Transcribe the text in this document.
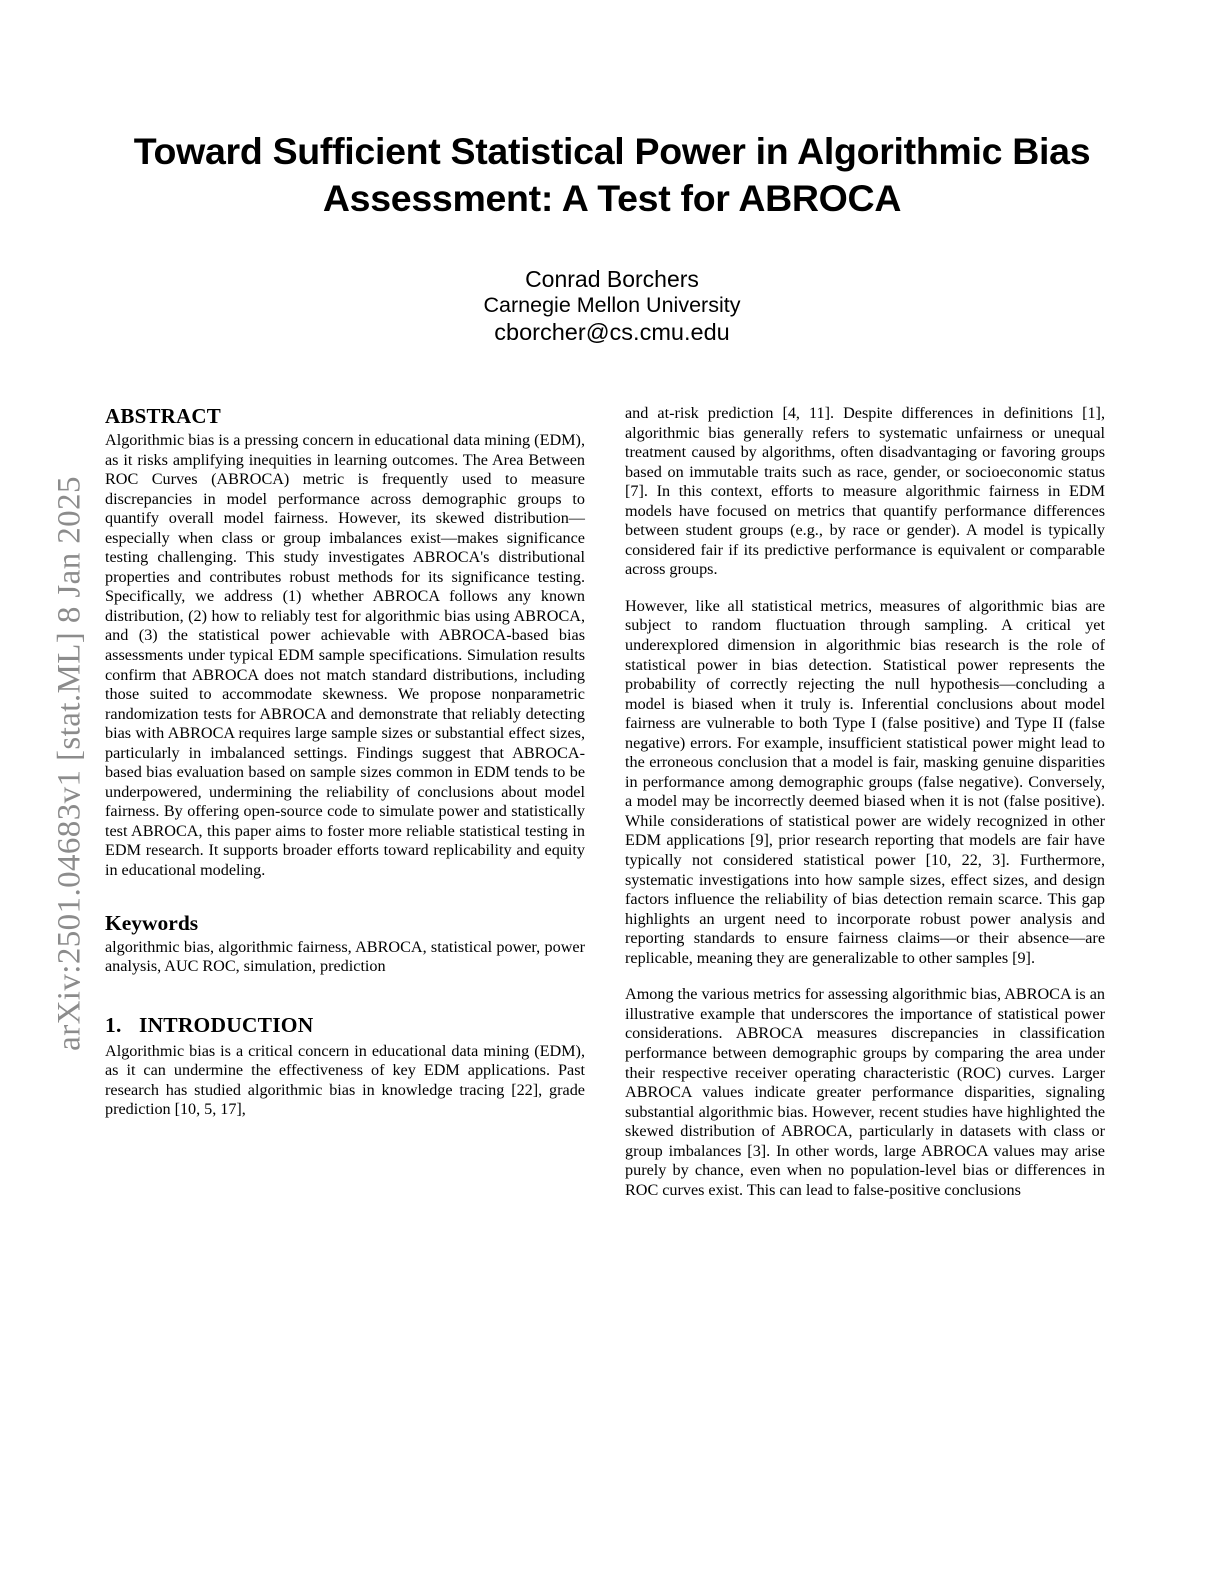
arXiv:2501.04683v1 [stat.ML] 8 Jan 2025
Toward Sufficient Statistical Power in Algorithmic Bias Assessment: A Test for ABROCA
Conrad Borchers
Carnegie Mellon University
cborcher@cs.cmu.edu
ABSTRACT

Algorithmic bias is a pressing concern in educational data mining (EDM), as it risks amplifying inequities in learning outcomes. The Area Between ROC Curves (ABROCA) metric is frequently used to measure discrepancies in model performance across demographic groups to quantify overall model fairness. However, its skewed distribution—especially when class or group imbalances exist—makes significance testing challenging. This study investigates ABROCA's distributional properties and contributes robust methods for its significance testing. Specifically, we address (1) whether ABROCA follows any known distribution, (2) how to reliably test for algorithmic bias using ABROCA, and (3) the statistical power achievable with ABROCA-based bias assessments under typical EDM sample specifications. Simulation results confirm that ABROCA does not match standard distributions, including those suited to accommodate skewness. We propose nonparametric randomization tests for ABROCA and demonstrate that reliably detecting bias with ABROCA requires large sample sizes or substantial effect sizes, particularly in imbalanced settings. Findings suggest that ABROCA-based bias evaluation based on sample sizes common in EDM tends to be underpowered, undermining the reliability of conclusions about model fairness. By offering open-source code to simulate power and statistically test ABROCA, this paper aims to foster more reliable statistical testing in EDM research. It supports broader efforts toward replicability and equity in educational modeling.

Keywords

algorithmic bias, algorithmic fairness, ABROCA, statistical power, power analysis, AUC ROC, simulation, prediction

1. INTRODUCTION

Algorithmic bias is a critical concern in educational data mining (EDM), as it can undermine the effectiveness of key EDM applications. Past research has studied algorithmic bias in knowledge tracing [22], grade prediction [10, 5, 17],

and at-risk prediction [4, 11]. Despite differences in definitions [1], algorithmic bias generally refers to systematic unfairness or unequal treatment caused by algorithms, often disadvantaging or favoring groups based on immutable traits such as race, gender, or socioeconomic status [7]. In this context, efforts to measure algorithmic fairness in EDM models have focused on metrics that quantify performance differences between student groups (e.g., by race or gender). A model is typically considered fair if its predictive performance is equivalent or comparable across groups.

However, like all statistical metrics, measures of algorithmic bias are subject to random fluctuation through sampling. A critical yet underexplored dimension in algorithmic bias research is the role of statistical power in bias detection. Statistical power represents the probability of correctly rejecting the null hypothesis—concluding a model is biased when it truly is. Inferential conclusions about model fairness are vulnerable to both Type I (false positive) and Type II (false negative) errors. For example, insufficient statistical power might lead to the erroneous conclusion that a model is fair, masking genuine disparities in performance among demographic groups (false negative). Conversely, a model may be incorrectly deemed biased when it is not (false positive). While considerations of statistical power are widely recognized in other EDM applications [9], prior research reporting that models are fair have typically not considered statistical power [10, 22, 3]. Furthermore, systematic investigations into how sample sizes, effect sizes, and design factors influence the reliability of bias detection remain scarce. This gap highlights an urgent need to incorporate robust power analysis and reporting standards to ensure fairness claims—or their absence—are replicable, meaning they are generalizable to other samples [9].

Among the various metrics for assessing algorithmic bias, ABROCA is an illustrative example that underscores the importance of statistical power considerations. ABROCA measures discrepancies in classification performance between demographic groups by comparing the area under their respective receiver operating characteristic (ROC) curves. Larger ABROCA values indicate greater performance disparities, signaling substantial algorithmic bias. However, recent studies have highlighted the skewed distribution of ABROCA, particularly in datasets with class or group imbalances [3]. In other words, large ABROCA values may arise purely by chance, even when no population-level bias or differences in ROC curves exist. This can lead to false-positive conclusions
